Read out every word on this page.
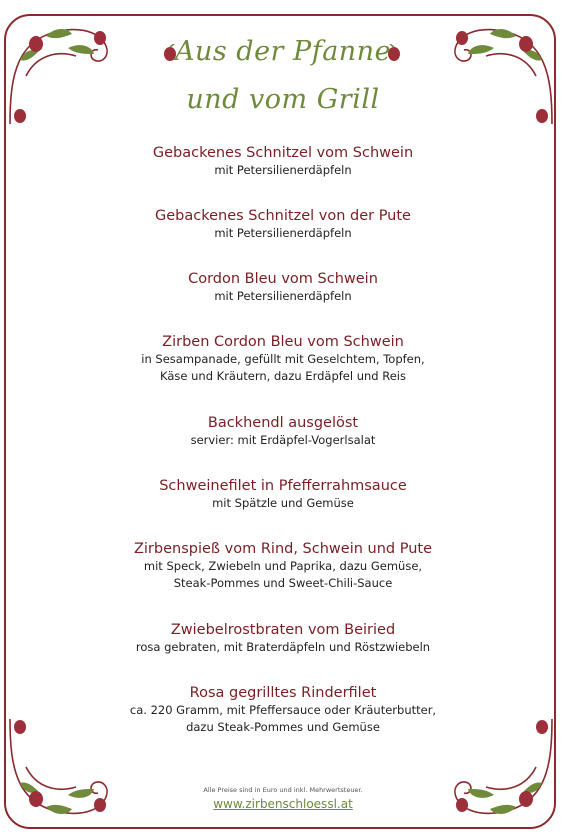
Aus der Pfanne
und vom Grill
Gebackenes Schnitzel vom Schwein
mit Petersilienerdäpfeln
Gebackenes Schnitzel von der Pute
mit Petersilienerdäpfeln
Cordon Bleu vom Schwein
mit Petersilienerdäpfeln
Zirben Cordon Bleu vom Schwein
in Sesampanade, gefüllt mit Geselchtem, Topfen,
Käse und Kräutern, dazu Erdäpfel und Reis
Backhendl ausgelöst
servier: mit Erdäpfel-Vogerlsalat
Schweinefilet in Pfefferrahmsauce
mit Spätzle und Gemüse
Zirbenspieß vom Rind, Schwein und Pute
mit Speck, Zwiebeln und Paprika, dazu Gemüse,
Steak-Pommes und Sweet-Chili-Sauce
Zwiebelrostbraten vom Beiried
rosa gebraten, mit Braterdäpfeln und Röstzwiebeln
Rosa gegrilltes Rinderfilet
ca. 220 Gramm, mit Pfeffersauce oder Kräuterbutter,
dazu Steak-Pommes und Gemüse
Alle Preise sind in Euro und inkl. Mehrwertsteuer.
www.zirbenschloessl.at
